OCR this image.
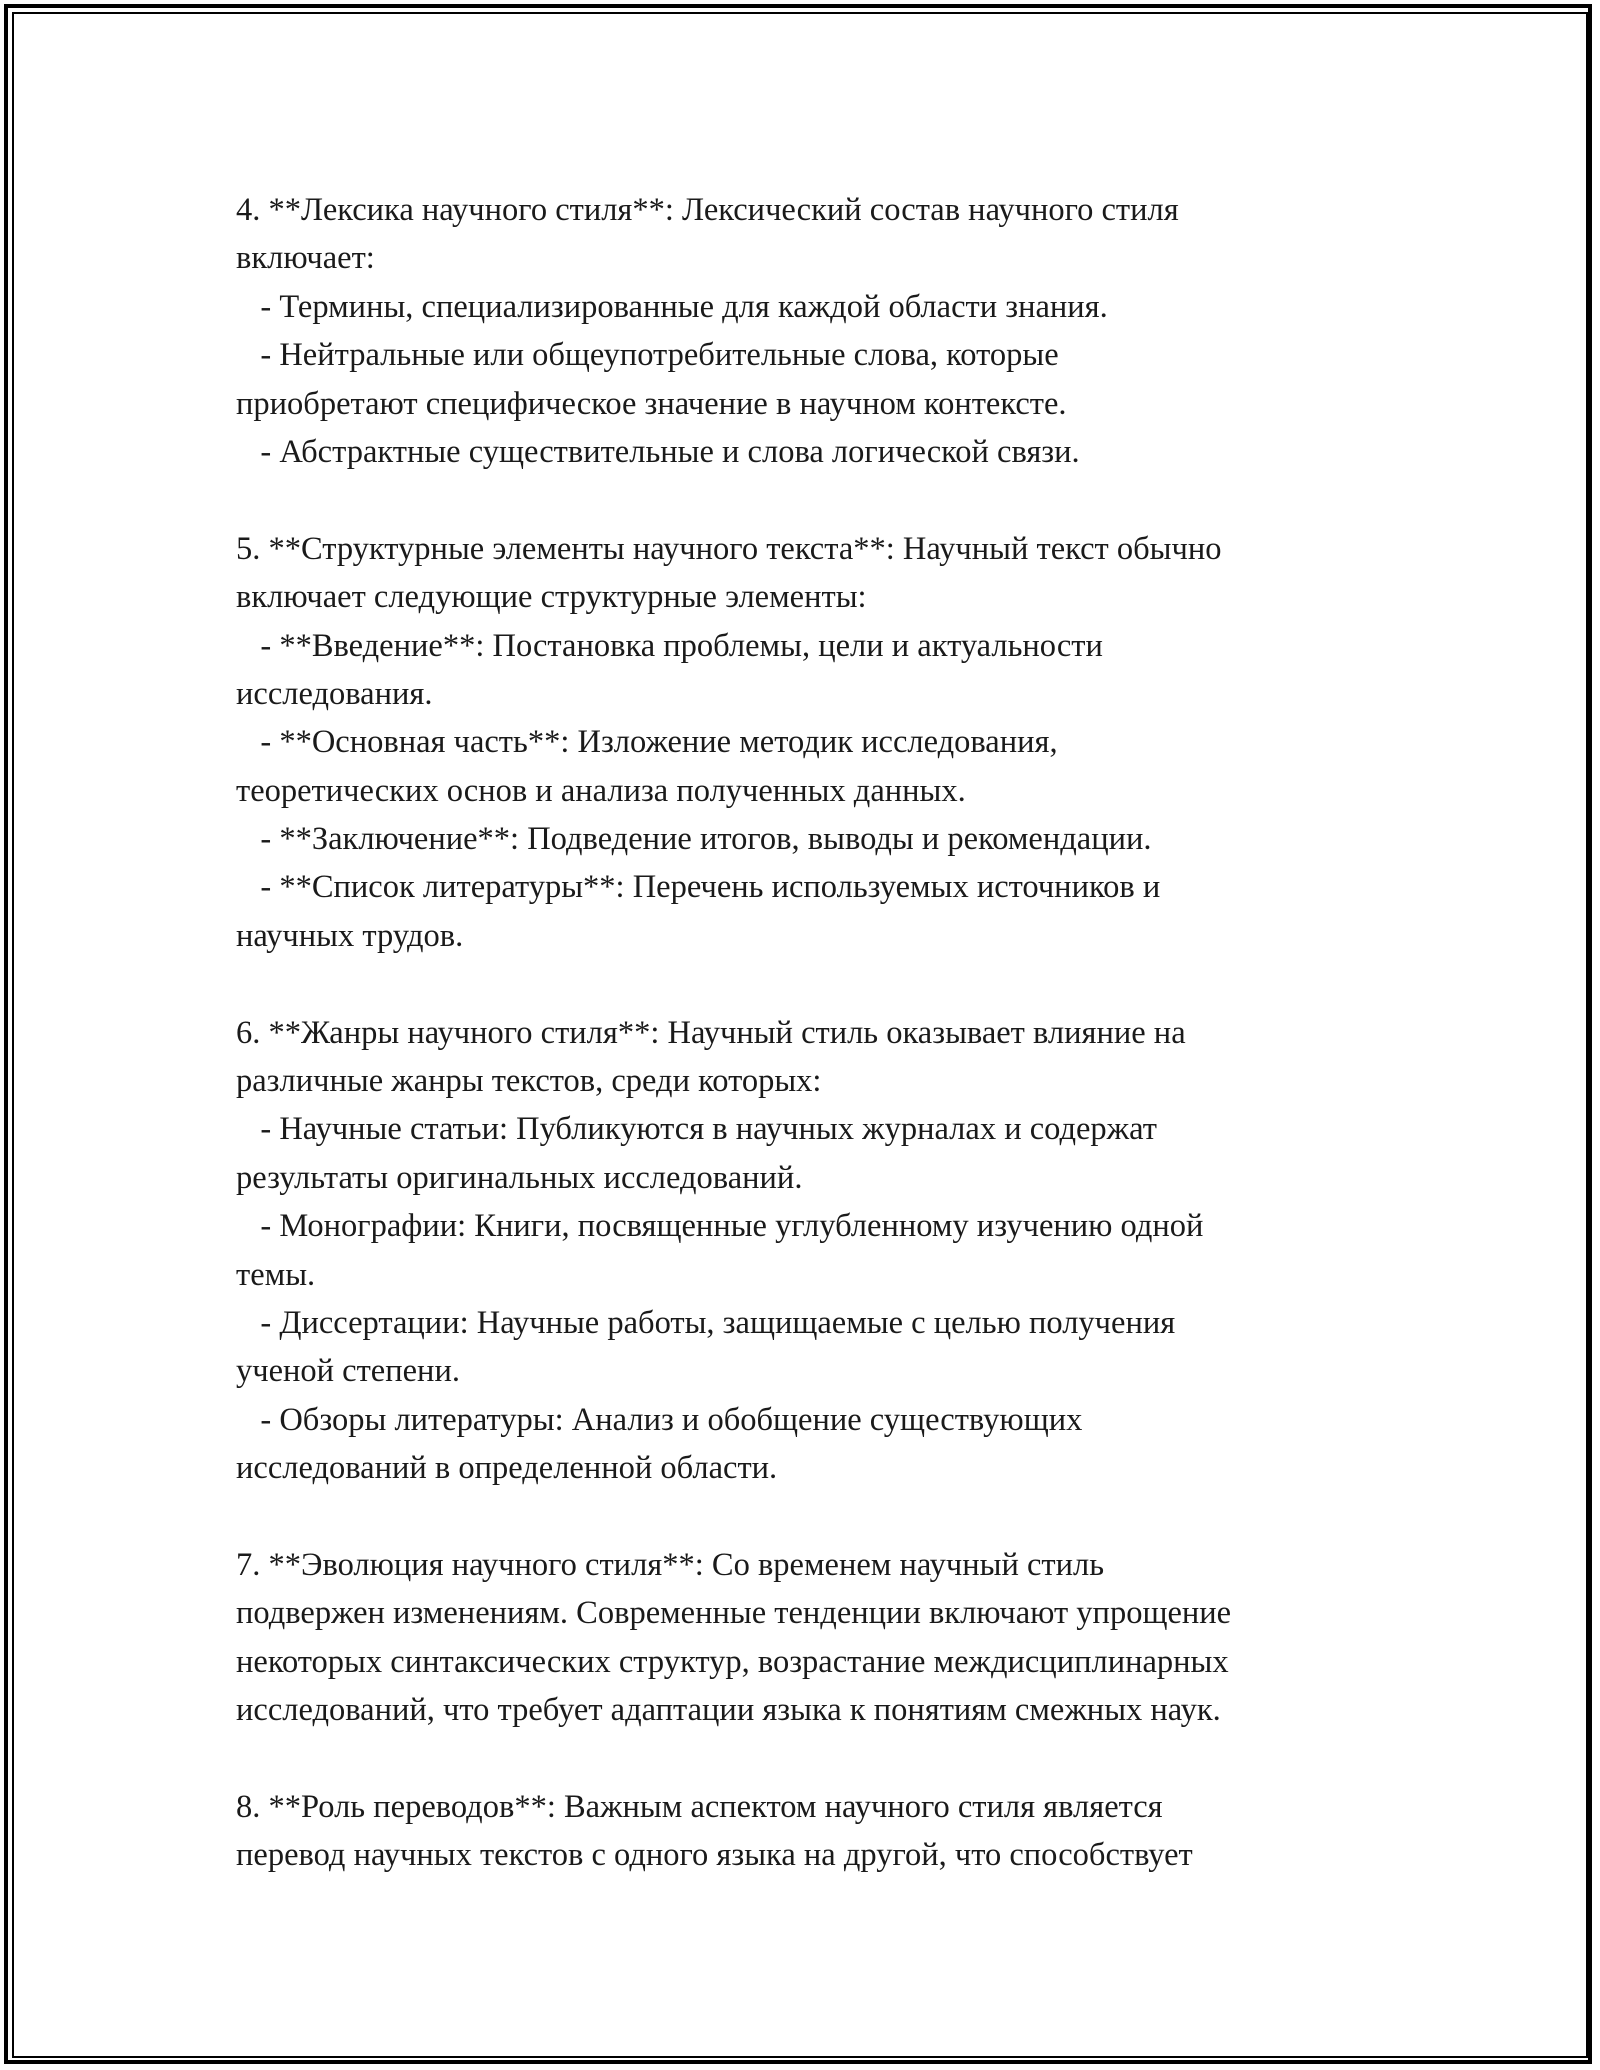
4. **Лексика научного стиля**: Лексический состав научного стиля
включает:
- Термины, специализированные для каждой области знания.
- Нейтральные или общеупотребительные слова, которые
приобретают специфическое значение в научном контексте.
- Абстрактные существительные и слова логической связи.
5. **Структурные элементы научного текста**: Научный текст обычно
включает следующие структурные элементы:
- **Введение**: Постановка проблемы, цели и актуальности
исследования.
- **Основная часть**: Изложение методик исследования,
теоретических основ и анализа полученных данных.
- **Заключение**: Подведение итогов, выводы и рекомендации.
- **Список литературы**: Перечень используемых источников и
научных трудов.
6. **Жанры научного стиля**: Научный стиль оказывает влияние на
различные жанры текстов, среди которых:
- Научные статьи: Публикуются в научных журналах и содержат
результаты оригинальных исследований.
- Монографии: Книги, посвященные углубленному изучению одной
темы.
- Диссертации: Научные работы, защищаемые с целью получения
ученой степени.
- Обзоры литературы: Анализ и обобщение существующих
исследований в определенной области.
7. **Эволюция научного стиля**: Со временем научный стиль
подвержен изменениям. Современные тенденции включают упрощение
некоторых синтаксических структур, возрастание междисциплинарных
исследований, что требует адаптации языка к понятиям смежных наук.
8. **Роль переводов**: Важным аспектом научного стиля является
перевод научных текстов с одного языка на другой, что способствует
